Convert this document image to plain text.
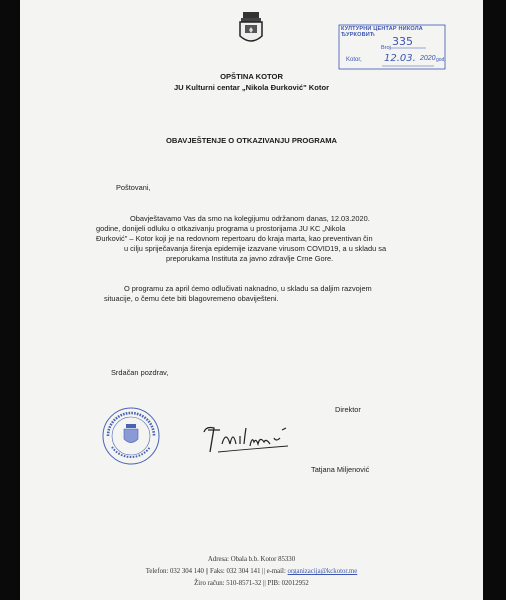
КУЛТУРНИ ЦЕНТАР НИКОЛА ЂУРКОВИЋ	335
Broj
Kotor, 12.03. 2020 god.
OPŠTINA KOTOR
JU Kulturni centar „Nikola Đurković" Kotor
OBAVJEŠTENJE O OTKAZIVANJU PROGRAMA
Poštovani,
Obavještavamo Vas da smo na kolegijumu održanom danas, 12.03.2020.
godine, donijeli odluku o otkazivanju programa u prostorijama JU KC „Nikola
Đurković" – Kotor koji je na redovnom repertoaru do kraja marta, kao preventivan čin
u cilju spriječavanja širenja epidemije izazvane virusom COVID19, a u skladu sa
preporukama Instituta za javno zdravlje Crne Gore.
O programu za april ćemo odlučivati naknadno, u skladu sa daljim razvojem
situacije, o čemu ćete biti blagovremeno obaviješteni.
Srdačan pozdrav,
Direktor
Tatjana Miljenović
Adresa: Obala b.b. Kotor 85330
Telefon: 032 304 140 || Faks: 032 304 141 || e-mail: organizacija@kckotor.me
Žiro račun: 510-8571-32 || PIB: 02012952
